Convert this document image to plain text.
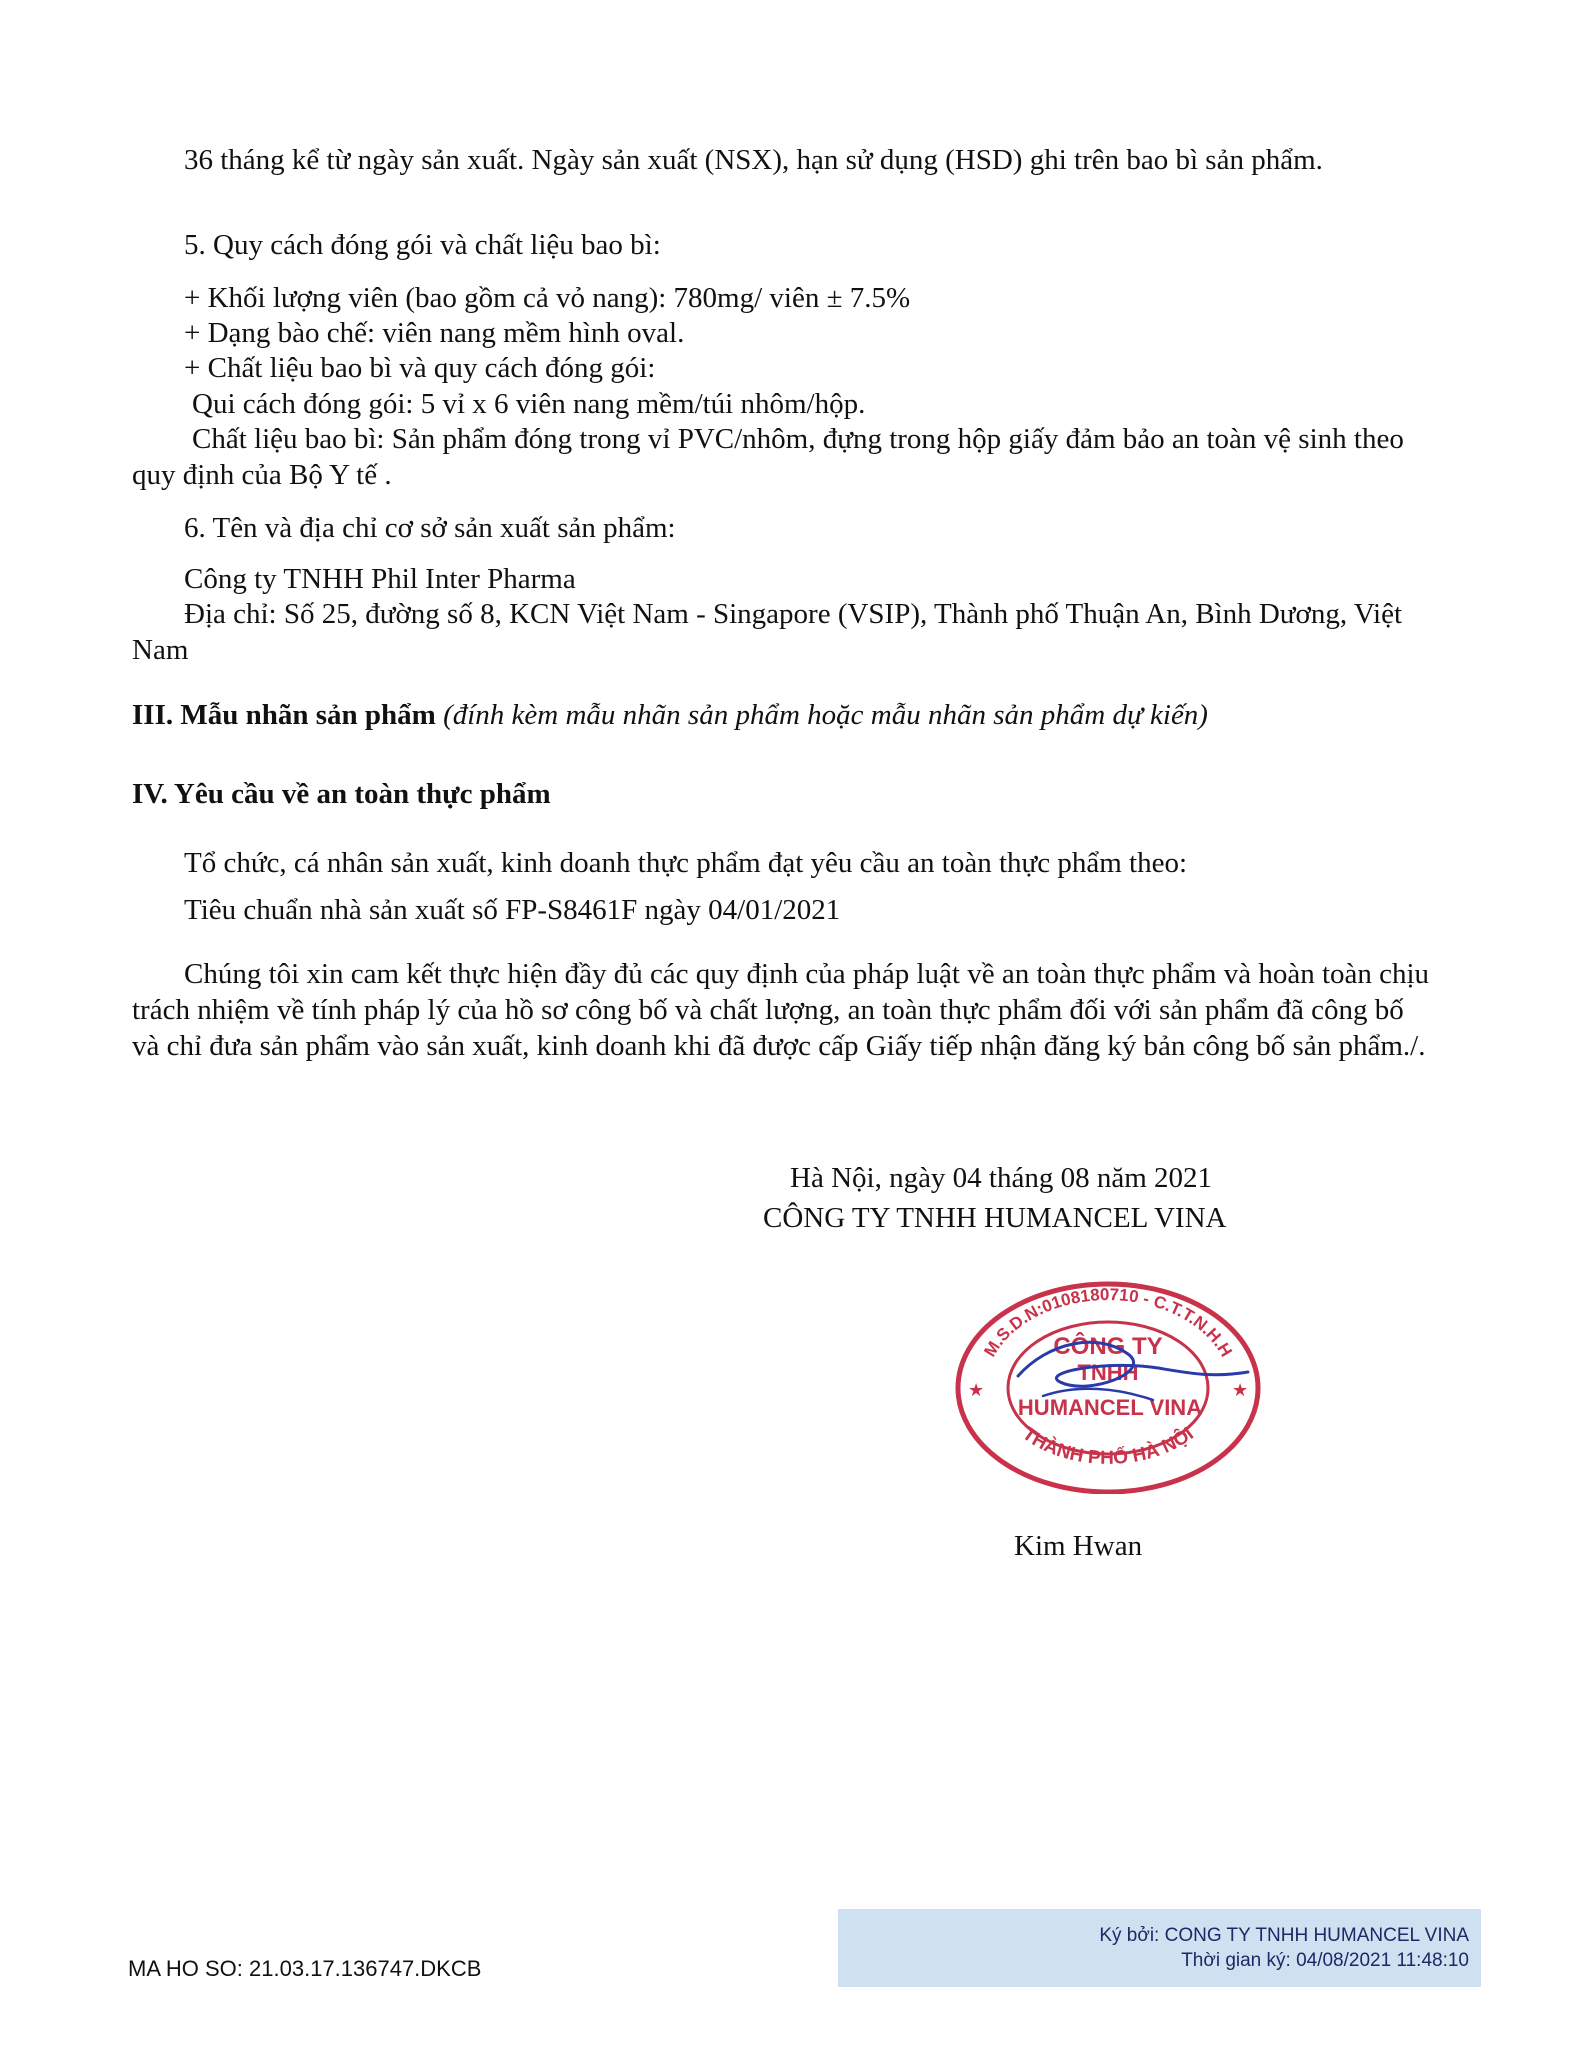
36 tháng kể từ ngày sản xuất. Ngày sản xuất (NSX), hạn sử dụng (HSD) ghi trên bao bì sản phẩm.
5. Quy cách đóng gói và chất liệu bao bì:
+ Khối lượng viên (bao gồm cả vỏ nang): 780mg/ viên ± 7.5%
+ Dạng bào chế: viên nang mềm hình oval.
+ Chất liệu bao bì và quy cách đóng gói:
Qui cách đóng gói: 5 vỉ x 6 viên nang mềm/túi nhôm/hộp.
Chất liệu bao bì: Sản phẩm đóng trong vỉ PVC/nhôm, đựng trong hộp giấy đảm bảo an toàn vệ sinh theo quy định của Bộ Y tế .
6. Tên và địa chỉ cơ sở sản xuất sản phẩm:
Công ty TNHH Phil Inter Pharma
Địa chỉ: Số 25, đường số 8, KCN Việt Nam - Singapore (VSIP), Thành phố Thuận An, Bình Dương, Việt Nam
III. Mẫu nhãn sản phẩm (đính kèm mẫu nhãn sản phẩm hoặc mẫu nhãn sản phẩm dự kiến)
IV. Yêu cầu về an toàn thực phẩm
Tổ chức, cá nhân sản xuất, kinh doanh thực phẩm đạt yêu cầu an toàn thực phẩm theo:
Tiêu chuẩn nhà sản xuất số FP-S8461F ngày 04/01/2021
Chúng tôi xin cam kết thực hiện đầy đủ các quy định của pháp luật về an toàn thực phẩm và hoàn toàn chịu trách nhiệm về tính pháp lý của hồ sơ công bố và chất lượng, an toàn thực phẩm đối với sản phẩm đã công bố và chỉ đưa sản phẩm vào sản xuất, kinh doanh khi đã được cấp Giấy tiếp nhận đăng ký bản công bố sản phẩm./.
Hà Nội, ngày 04 tháng 08 năm 2021
CÔNG TY TNHH HUMANCEL VINA
M.S.D.N:0108180710 - C.T.T.N.H.H
THÀNH PHỐ HÀ NỘI
★	★
CÔNG TY
TNHH
HUMANCEL VINA
Kim Hwan
Ký bởi: CONG TY TNHH HUMANCEL VINA
Thời gian ký: 04/08/2021 11:48:10
MA HO SO: 21.03.17.136747.DKCB
